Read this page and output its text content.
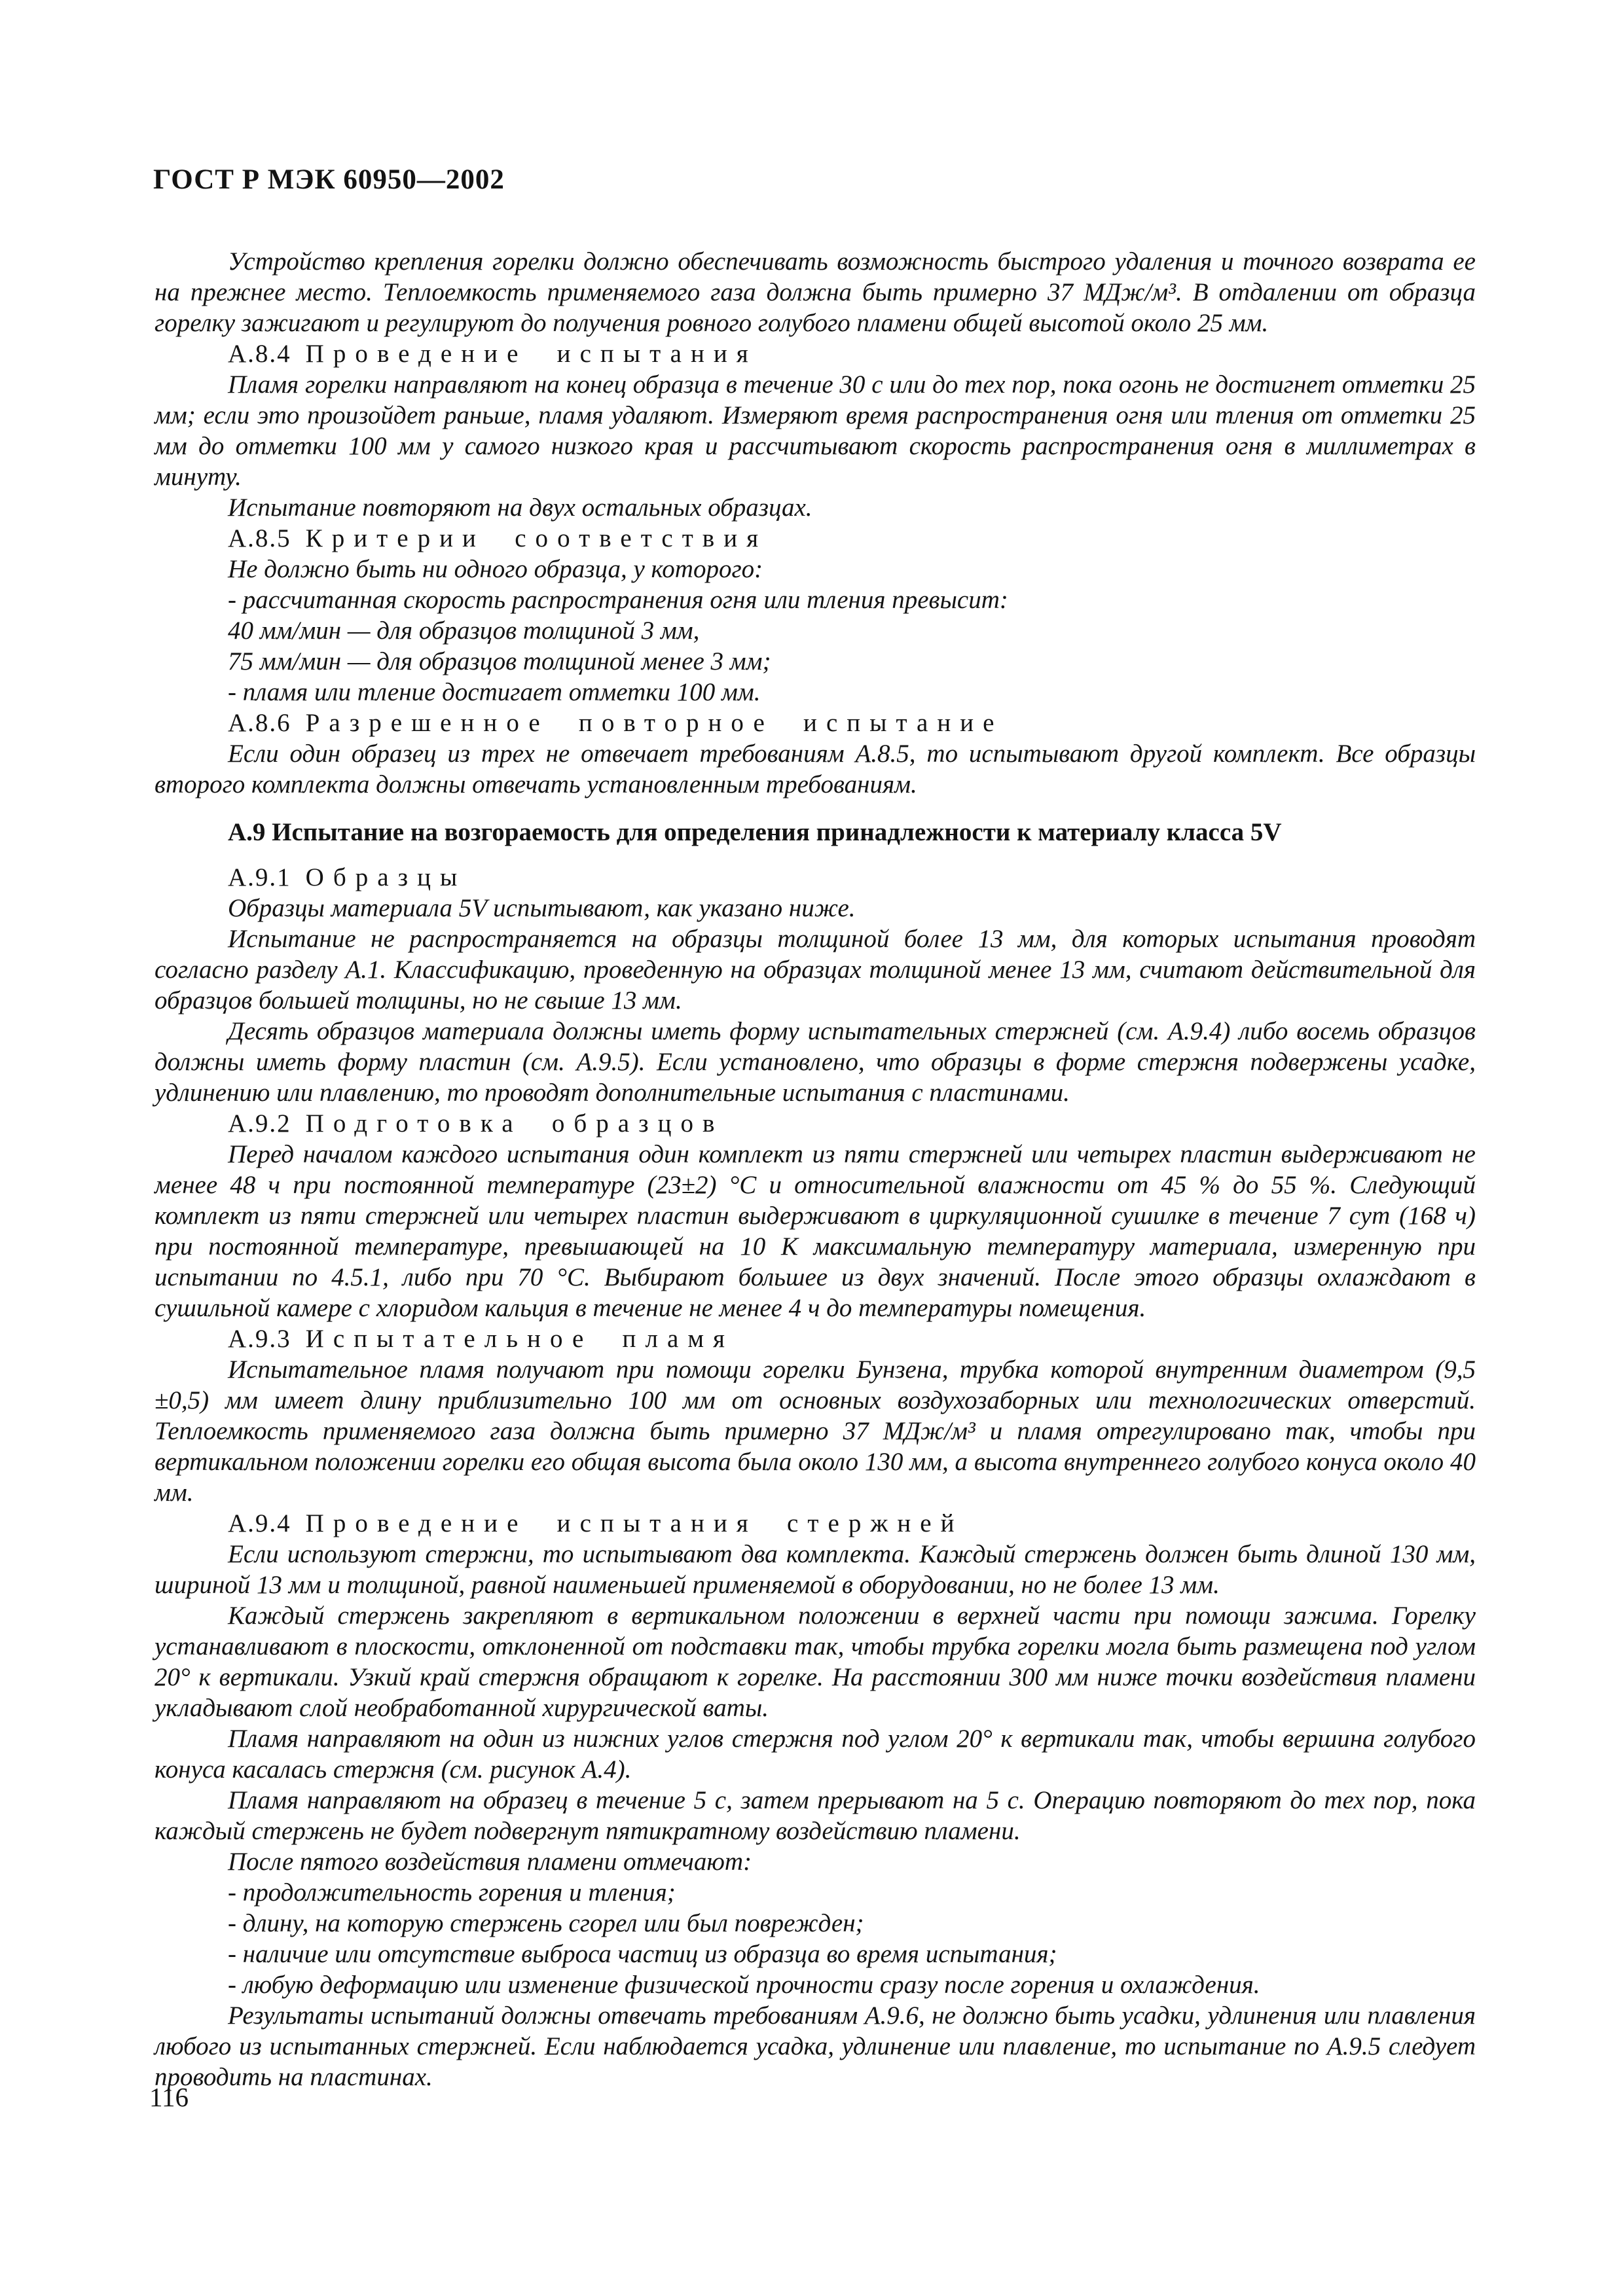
ГОСТ Р МЭК 60950—2002

Устройство крепления горелки должно обеспечивать возможность быстрого удаления и точного возврата ее на прежнее место. Теплоемкость применяемого газа должна быть примерно 37 МДж/м³. В отдалении от образца горелку зажигают и регулируют до получения ровного голубого пламени общей высотой около 25 мм.

А.8.4 Проведение испытания

Пламя горелки направляют на конец образца в течение 30 с или до тех пор, пока огонь не достигнет отметки 25 мм; если это произойдет раньше, пламя удаляют. Измеряют время распространения огня или тления от отметки 25 мм до отметки 100 мм у самого низкого края и рассчитывают скорость распространения огня в миллиметрах в минуту.

Испытание повторяют на двух остальных образцах.

А.8.5 Критерии соответствия

Не должно быть ни одного образца, у которого:

- рассчитанная скорость распространения огня или тления превысит:

40 мм/мин — для образцов толщиной 3 мм,

75 мм/мин — для образцов толщиной менее 3 мм;

- пламя или тление достигает отметки 100 мм.

А.8.6 Разрешенное повторное испытание

Если один образец из трех не отвечает требованиям А.8.5, то испытывают другой комплект. Все образцы второго комплекта должны отвечать установленным требованиям.

А.9 Испытание на возгораемость для определения принадлежности к материалу класса 5V

А.9.1 Образцы

Образцы материала 5V испытывают, как указано ниже.

Испытание не распространяется на образцы толщиной более 13 мм, для которых испытания проводят согласно разделу А.1. Классификацию, проведенную на образцах толщиной менее 13 мм, считают действительной для образцов большей толщины, но не свыше 13 мм.

Десять образцов материала должны иметь форму испытательных стержней (см. А.9.4) либо восемь образцов должны иметь форму пластин (см. А.9.5). Если установлено, что образцы в форме стержня подвержены усадке, удлинению или плавлению, то проводят дополнительные испытания с пластинами.

А.9.2 Подготовка образцов

Перед началом каждого испытания один комплект из пяти стержней или четырех пластин выдерживают не менее 48 ч при постоянной температуре (23±2) °С и относительной влажности от 45 % до 55 %. Следующий комплект из пяти стержней или четырех пластин выдерживают в циркуляционной сушилке в течение 7 сут (168 ч) при постоянной температуре, превышающей на 10 К максимальную температуру материала, измеренную при испытании по 4.5.1, либо при 70 °С. Выбирают большее из двух значений. После этого образцы охлаждают в сушильной камере с хлоридом кальция в течение не менее 4 ч до температуры помещения.

А.9.3 Испытательное пламя

Испытательное пламя получают при помощи горелки Бунзена, трубка которой внутренним диаметром (9,5 ±0,5) мм имеет длину приблизительно 100 мм от основных воздухозаборных или технологических отверстий. Теплоемкость применяемого газа должна быть примерно 37 МДж/м³ и пламя отрегулировано так, чтобы при вертикальном положении горелки его общая высота была около 130 мм, а высота внутреннего голубого конуса около 40 мм.

А.9.4 Проведение испытания стержней

Если используют стержни, то испытывают два комплекта. Каждый стержень должен быть длиной 130 мм, шириной 13 мм и толщиной, равной наименьшей применяемой в оборудовании, но не более 13 мм.

Каждый стержень закрепляют в вертикальном положении в верхней части при помощи зажима. Горелку устанавливают в плоскости, отклоненной от подставки так, чтобы трубка горелки могла быть размещена под углом 20° к вертикали. Узкий край стержня обращают к горелке. На расстоянии 300 мм ниже точки воздействия пламени укладывают слой необработанной хирургической ваты.

Пламя направляют на один из нижних углов стержня под углом 20° к вертикали так, чтобы вершина голубого конуса касалась стержня (см. рисунок А.4).

Пламя направляют на образец в течение 5 с, затем прерывают на 5 с. Операцию повторяют до тех пор, пока каждый стержень не будет подвергнут пятикратному воздействию пламени.

После пятого воздействия пламени отмечают:

- продолжительность горения и тления;

- длину, на которую стержень сгорел или был поврежден;

- наличие или отсутствие выброса частиц из образца во время испытания;

- любую деформацию или изменение физической прочности сразу после горения и охлаждения.

Результаты испытаний должны отвечать требованиям А.9.6, не должно быть усадки, удлинения или плавления любого из испытанных стержней. Если наблюдается усадка, удлинение или плавление, то испытание по А.9.5 следует проводить на пластинах.

116
